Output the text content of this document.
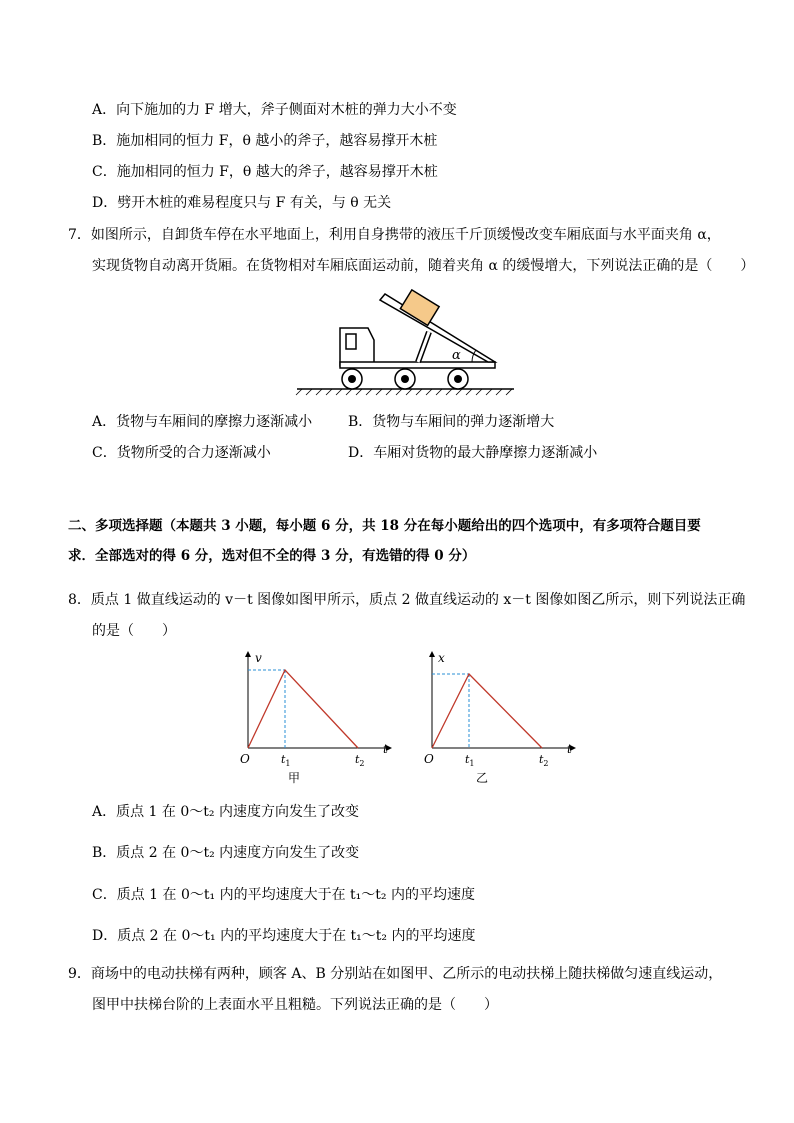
A．向下施加的力 F 增大，斧子侧面对木桩的弹力大小不变
B．施加相同的恒力 F，θ 越小的斧子，越容易撑开木桩
C．施加相同的恒力 F，θ 越大的斧子，越容易撑开木桩
D．劈开木桩的难易程度只与 F 有关，与 θ 无关
7．如图所示，自卸货车停在水平地面上，利用自身携带的液压千斤顶缓慢改变车厢底面与水平面夹角 α，
实现货物自动离开货厢。在货物相对车厢底面运动前，随着夹角 α 的缓慢增大，下列说法正确的是（　　）
α
A．货物与车厢间的摩擦力逐渐减小	B．货物与车厢间的弹力逐渐增大
C．货物所受的合力逐渐减小	D．车厢对货物的最大静摩擦力逐渐减小
二、多项选择题（本题共 3 小题，每小题 6 分，共 18 分在每小题给出的四个选项中，有多项符合题目要
求．全部选对的得 6 分，选对但不全的得 3 分，有选错的得 0 分）
8．质点 1 做直线运动的 v－t 图像如图甲所示，质点 2 做直线运动的 x－t 图像如图乙所示，则下列说法正确
的是（　　）
v
t
O	$t_1$	$t_2$
甲
x
t
O	$t_1$	$t_2$
乙
A．质点 1 在 0～t₂ 内速度方向发生了改变
B．质点 2 在 0～t₂ 内速度方向发生了改变
C．质点 1 在 0～t₁ 内的平均速度大于在 t₁～t₂ 内的平均速度
D．质点 2 在 0～t₁ 内的平均速度大于在 t₁～t₂ 内的平均速度
9．商场中的电动扶梯有两种，顾客 A、B 分别站在如图甲、乙所示的电动扶梯上随扶梯做匀速直线运动，
图甲中扶梯台阶的上表面水平且粗糙。下列说法正确的是（　　）
